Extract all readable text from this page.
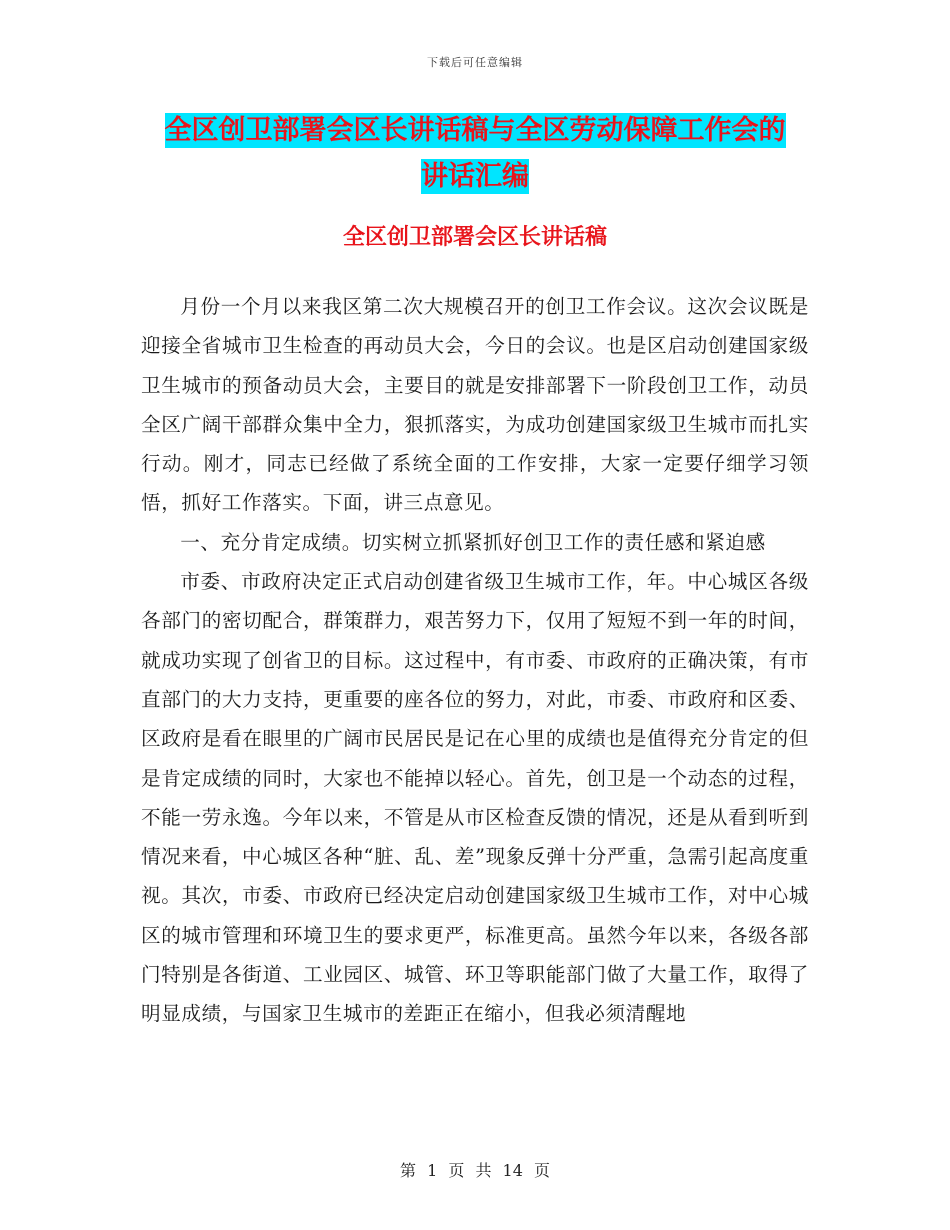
下载后可任意编辑
全区创卫部署会区长讲话稿与全区劳动保障工作会的
讲话汇编
全区创卫部署会区长讲话稿

月份一个月以来我区第二次大规模召开的创卫工作会议。这次会议既是迎接全省城市卫生检查的再动员大会，今日的会议。也是区启动创建国家级卫生城市的预备动员大会，主要目的就是安排部署下一阶段创卫工作，动员全区广阔干部群众集中全力，狠抓落实，为成功创建国家级卫生城市而扎实行动。刚才，同志已经做了系统全面的工作安排，大家一定要仔细学习领悟，抓好工作落实。下面，讲三点意见。

一、充分肯定成绩。切实树立抓紧抓好创卫工作的责任感和紧迫感

市委、市政府决定正式启动创建省级卫生城市工作，年。中心城区各级各部门的密切配合，群策群力，艰苦努力下，仅用了短短不到一年的时间，就成功实现了创省卫的目标。这过程中，有市委、市政府的正确决策，有市直部门的大力支持，更重要的座各位的努力，对此，市委、市政府和区委、区政府是看在眼里的广阔市民居民是记在心里的成绩也是值得充分肯定的但是肯定成绩的同时，大家也不能掉以轻心。首先，创卫是一个动态的过程，不能一劳永逸。今年以来，不管是从市区检查反馈的情况，还是从看到听到情况来看，中心城区各种“脏、乱、差”现象反弹十分严重，急需引起高度重视。其次，市委、市政府已经决定启动创建国家级卫生城市工作，对中心城区的城市管理和环境卫生的要求更严，标准更高。虽然今年以来，各级各部门特别是各街道、工业园区、城管、环卫等职能部门做了大量工作，取得了明显成绩，与国家卫生城市的差距正在缩小，但我必须清醒地

第 1 页 共 14 页
